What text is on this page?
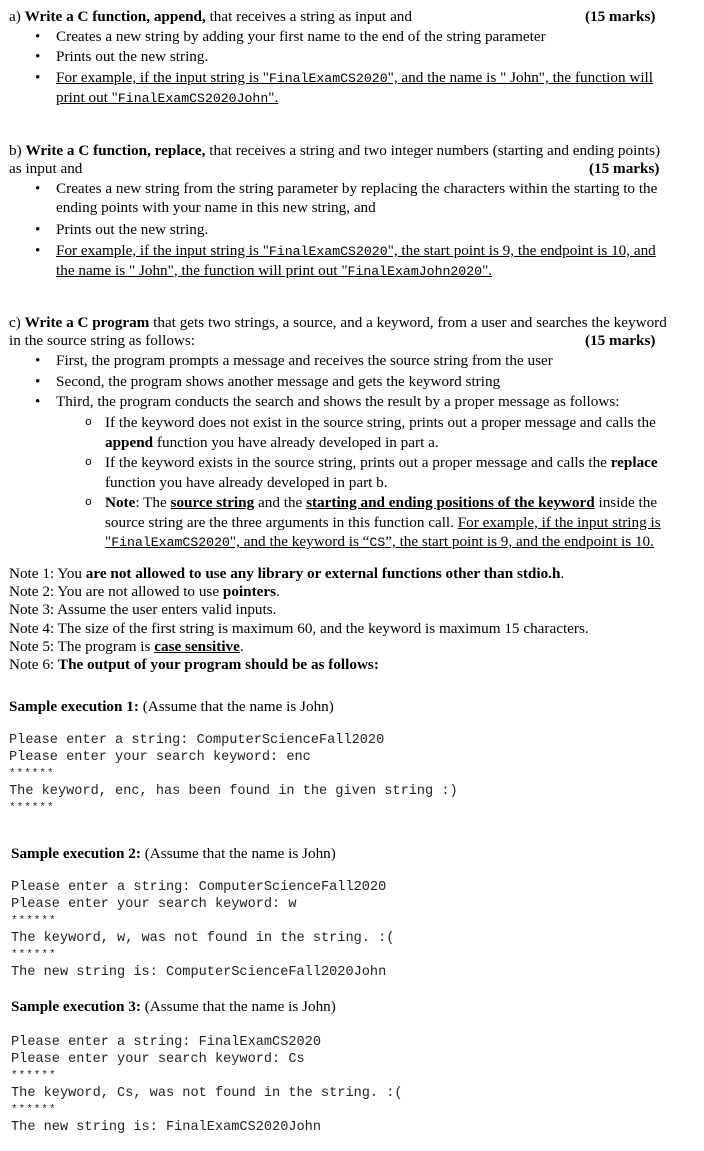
a) Write a C function, append, that receives a string as input and	(15 marks)
Creates a new string by adding your first name to the end of the string parameter
Prints out the new string.
For example, if the input string is "FinalExamCS2020", and the name is " John", the function will
print out "FinalExamCS2020John".
b) Write a C function, replace, that receives a string and two integer numbers (starting and ending points)
as input and	(15 marks)
Creates a new string from the string parameter by replacing the characters within the starting to the
ending points with your name in this new string, and
Prints out the new string.
For example, if the input string is "FinalExamCS2020", the start point is 9, the endpoint is 10, and
the name is " John", the function will print out "FinalExamJohn2020".
c) Write a C program that gets two strings, a source, and a keyword, from a user and searches the keyword
in the source string as follows:	(15 marks)
First, the program prompts a message and receives the source string from the user
Second, the program shows another message and gets the keyword string
Third, the program conducts the search and shows the result by a proper message as follows:
If the keyword does not exist in the source string, prints out a proper message and calls the
append function you have already developed in part a.
If the keyword exists in the source string, prints out a proper message and calls the replace
function you have already developed in part b.
Note: The source string and the starting and ending positions of the keyword inside the
source string are the three arguments in this function call. For example, if the input string is
"FinalExamCS2020", and the keyword is “CS”, the start point is 9, and the endpoint is 10.
Note 1: You are not allowed to use any library or external functions other than stdio.h.
Note 2: You are not allowed to use pointers.
Note 3: Assume the user enters valid inputs.
Note 4: The size of the first string is maximum 60, and the keyword is maximum 15 characters.
Note 5: The program is case sensitive.
Note 6: The output of your program should be as follows:
Sample execution 1: (Assume that the name is John)
Please enter a string: ComputerScienceFall2020
Please enter your search keyword: enc
******
The keyword, enc, has been found in the given string :)
******
Sample execution 2: (Assume that the name is John)
Please enter a string: ComputerScienceFall2020
Please enter your search keyword: w
******
The keyword, w, was not found in the string. :(
******
The new string is: ComputerScienceFall2020John
Sample execution 3: (Assume that the name is John)
Please enter a string: FinalExamCS2020
Please enter your search keyword: Cs
******
The keyword, Cs, was not found in the string. :(
******
The new string is: FinalExamCS2020John
